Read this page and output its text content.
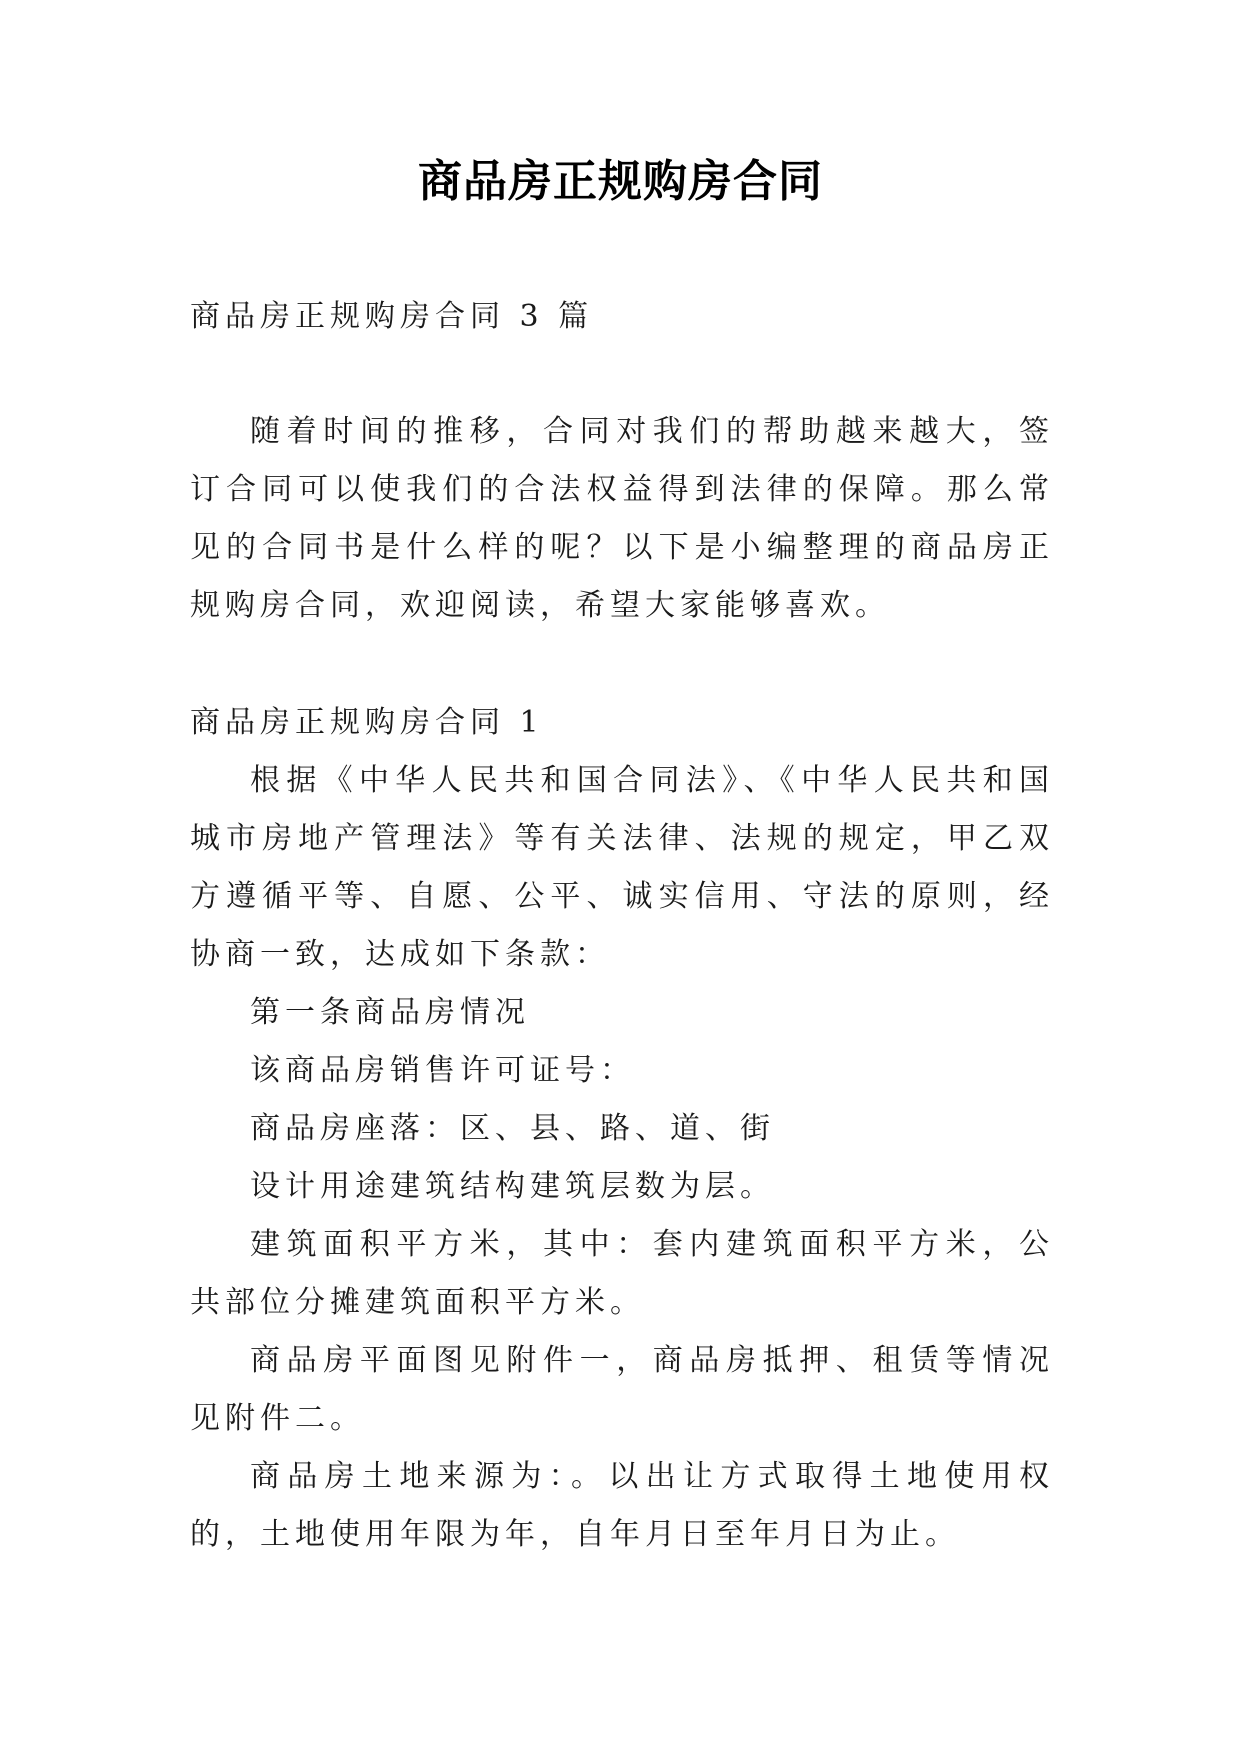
商品房正规购房合同
商品房正规购房合同 3 篇

随着时间的推移，合同对我们的帮助越来越大，签订合同可以使我们的合法权益得到法律的保障。那么常见的合同书是什么样的呢？以下是小编整理的商品房正规购房合同，欢迎阅读，希望大家能够喜欢。

商品房正规购房合同 1

根据《中华人民共和国合同法》、《中华人民共和国城市房地产管理法》等有关法律、法规的规定，甲乙双方遵循平等、自愿、公平、诚实信用、守法的原则，经协商一致，达成如下条款：

第一条商品房情况

该商品房销售许可证号：

商品房座落：区、县、路、道、街

设计用途建筑结构建筑层数为层。

建筑面积平方米，其中：套内建筑面积平方米，公共部位分摊建筑面积平方米。

商品房平面图见附件一，商品房抵押、租赁等情况见附件二。

商品房土地来源为：。以出让方式取得土地使用权的，土地使用年限为年，自年月日至年月日为止。
